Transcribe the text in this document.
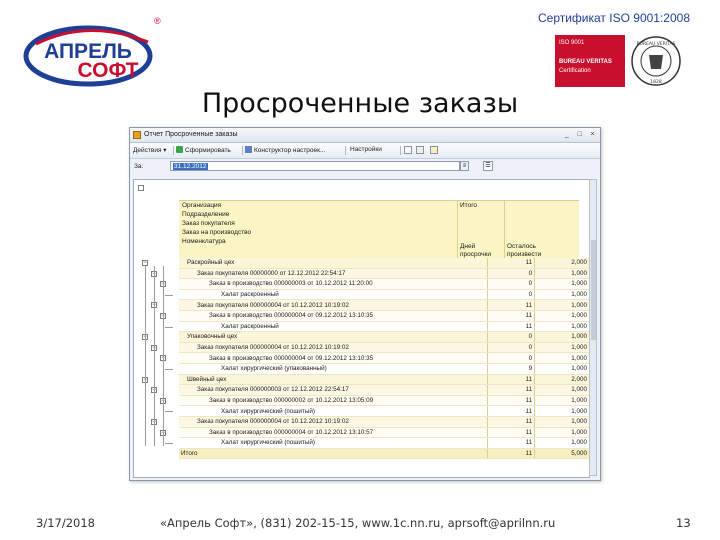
АПРЕЛЬ
СОФТ
®	Сертификат ISO 9001:2008
ISO 9001
BUREAU VERITAS
Certification
BUREAU VERITAS
1828
Просроченные заказы
Отчет Просроченные заказы	_ □ ×
Действия ▾	Сформировать	Конструктор настроек...	Настройки
За:	31.12.2012	≡	☰
Организация
Подразделение
Заказ покупателя
Заказ на производство
Номенклатура
Итого
Дней просрочки
Осталось произвести
−	Раскройный цех	11	2,000
Заказ покупателя 00000000 от 12.12.2012 22:54:17	0	1,000
Заказ в производство 000000003 от 10.12.2012 11:20:00	0	1,000
Халат раскроенный	0	1,000
Заказ покупателя 000000004 от 10.12.2012 10:19:02	11	1,000
Заказ в производство 000000004 от 09.12.2012 13:10:35	11	1,000
Халат раскроенный	11	1,000
Упаковочный цех	0	1,000
Заказ покупателя 000000004 от 10.12.2012 10:19:02	0	1,000
Заказ в производство 000000004 от 09.12.2012 13:10:35	0	1,000
Халат хирургический (упакованный)	9	1,000
Швейный цех	11	2,000
Заказ покупателя 000000003 от 12.12.2012 22:54:17	11	1,000
Заказ в производство 000000002 от 10.12.2012 13:05:09	11	1,000
Халат хирургический (пошитый)	11	1,000
Заказ покупателя 000000004 от 10.12.2012 10:19:02	11	1,000
Заказ в производство 000000004 от 10.12.2012 13:10:57	11	1,000
Халат хирургический (пошитый)	11	1,000
Итого	11	5,000
3/17/2018	«Апрель Софт», (831) 202-15-15, www.1c.nn.ru, aprsoft@aprilnn.ru	13
